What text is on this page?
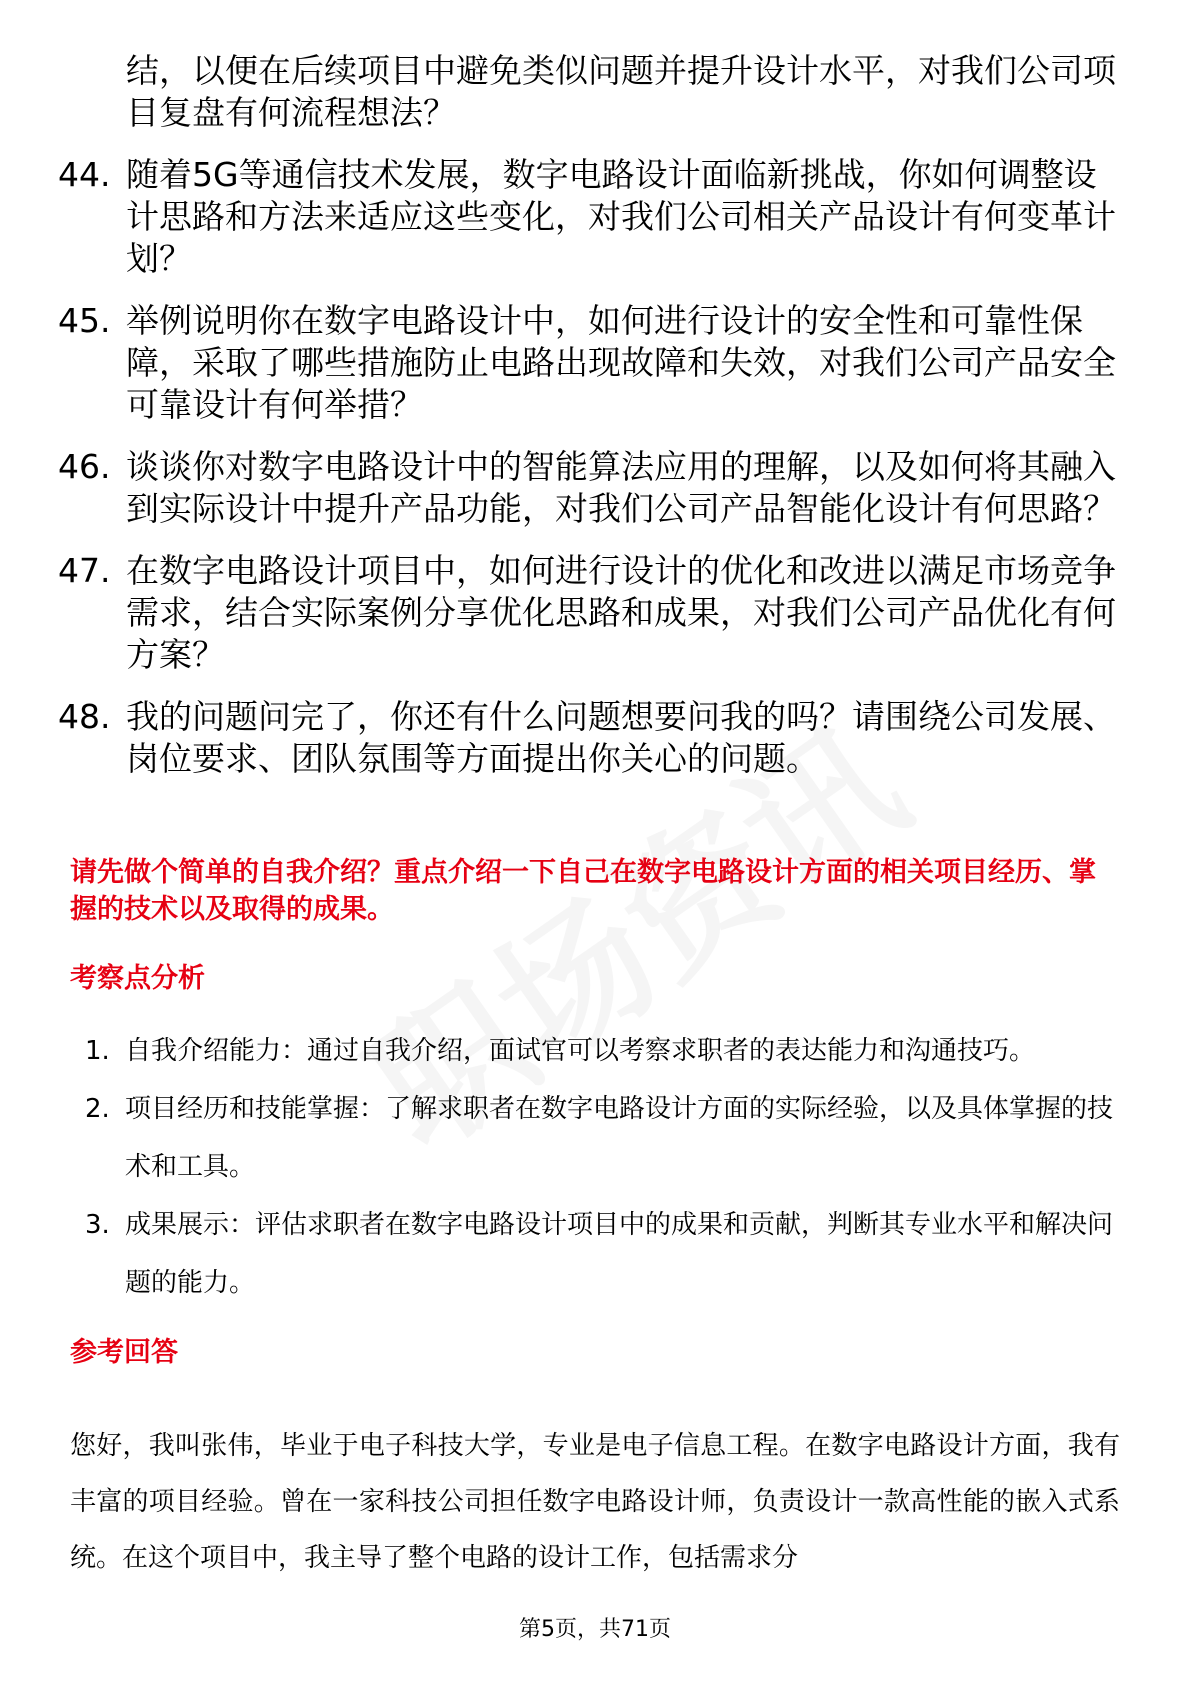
结，以便在后续项目中避免类似问题并提升设计水平，对我们公司项目复盘有何流程想法？
44. 随着5G等通信技术发展，数字电路设计面临新挑战，你如何调整设计思路和方法来适应这些变化，对我们公司相关产品设计有何变革计划？
45. 举例说明你在数字电路设计中，如何进行设计的安全性和可靠性保障，采取了哪些措施防止电路出现故障和失效，对我们公司产品安全可靠设计有何举措？
46. 谈谈你对数字电路设计中的智能算法应用的理解，以及如何将其融入到实际设计中提升产品功能，对我们公司产品智能化设计有何思路？
47. 在数字电路设计项目中，如何进行设计的优化和改进以满足市场竞争需求，结合实际案例分享优化思路和成果，对我们公司产品优化有何方案？
48. 我的问题问完了，你还有什么问题想要问我的吗？请围绕公司发展、岗位要求、团队氛围等方面提出你关心的问题。
请先做个简单的自我介绍？重点介绍一下自己在数字电路设计方面的相关项目经历、掌握的技术以及取得的成果。
考察点分析
1. 自我介绍能力：通过自我介绍，面试官可以考察求职者的表达能力和沟通技巧。
2. 项目经历和技能掌握：了解求职者在数字电路设计方面的实际经验，以及具体掌握的技术和工具。
3. 成果展示：评估求职者在数字电路设计项目中的成果和贡献，判断其专业水平和解决问题的能力。
参考回答
您好，我叫张伟，毕业于电子科技大学，专业是电子信息工程。在数字电路设计方面，我有丰富的项目经验。曾在一家科技公司担任数字电路设计师，负责设计一款高性能的嵌入式系统。在这个项目中，我主导了整个电路的设计工作，包括需求分
第5页，共71页
